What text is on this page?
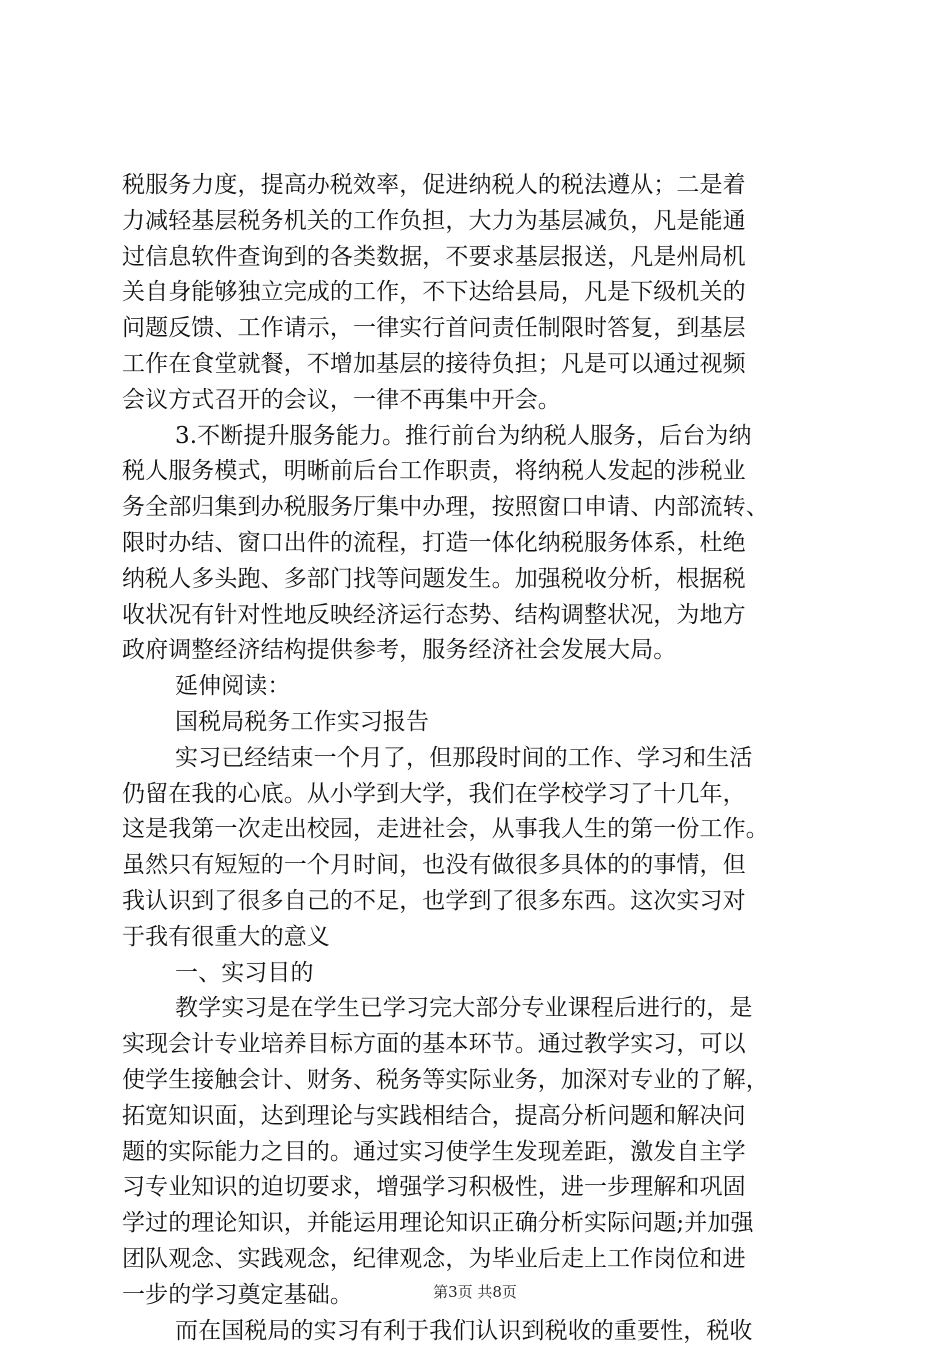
税服务力度，提高办税效率，促进纳税人的税法遵从；二是着
力减轻基层税务机关的工作负担，大力为基层减负，凡是能通
过信息软件查询到的各类数据，不要求基层报送，凡是州局机
关自身能够独立完成的工作，不下达给县局，凡是下级机关的
问题反馈、工作请示，一律实行首问责任制限时答复，到基层
工作在食堂就餐，不增加基层的接待负担；凡是可以通过视频
会议方式召开的会议，一律不再集中开会。
3.不断提升服务能力。推行前台为纳税人服务，后台为纳
税人服务模式，明晰前后台工作职责，将纳税人发起的涉税业
务全部归集到办税服务厅集中办理，按照窗口申请、内部流转、
限时办结、窗口出件的流程，打造一体化纳税服务体系，杜绝
纳税人多头跑、多部门找等问题发生。加强税收分析，根据税
收状况有针对性地反映经济运行态势、结构调整状况，为地方
政府调整经济结构提供参考，服务经济社会发展大局。
延伸阅读：
国税局税务工作实习报告
实习已经结束一个月了，但那段时间的工作、学习和生活
仍留在我的心底。从小学到大学，我们在学校学习了十几年，
这是我第一次走出校园，走进社会，从事我人生的第一份工作。
虽然只有短短的一个月时间，也没有做很多具体的的事情，但
我认识到了很多自己的不足，也学到了很多东西。这次实习对
于我有很重大的意义
一、实习目的
教学实习是在学生已学习完大部分专业课程后进行的，是
实现会计专业培养目标方面的基本环节。通过教学实习，可以
使学生接触会计、财务、税务等实际业务，加深对专业的了解，
拓宽知识面，达到理论与实践相结合，提高分析问题和解决问
题的实际能力之目的。通过实习使学生发现差距，激发自主学
习专业知识的迫切要求，增强学习积极性，进一步理解和巩固
学过的理论知识，并能运用理论知识正确分析实际问题;并加强
团队观念、实践观念，纪律观念，为毕业后走上工作岗位和进
一步的学习奠定基础。
而在国税局的实习有利于我们认识到税收的重要性，税收
第3页 共8页
